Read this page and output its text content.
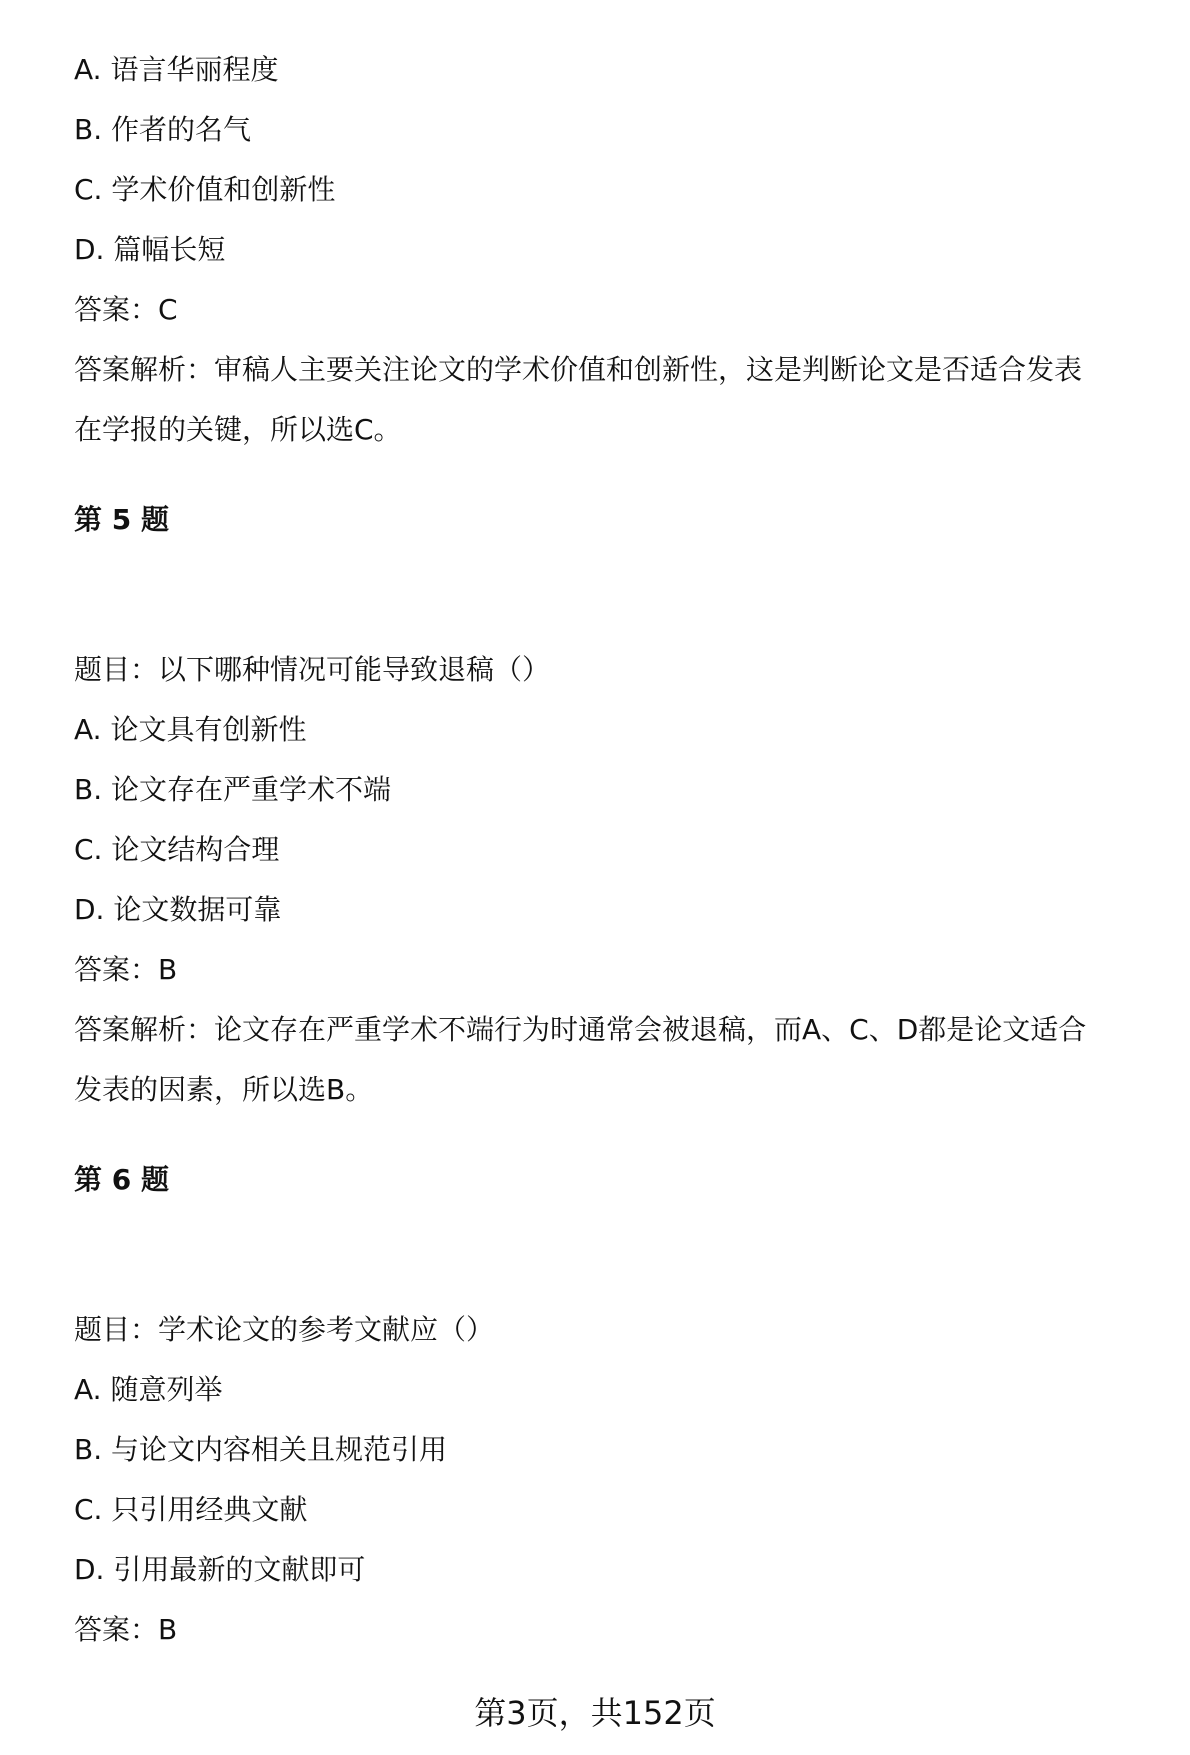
A. 语言华丽程度
B. 作者的名气
C. 学术价值和创新性
D. 篇幅长短
答案：C
答案解析：审稿人主要关注论文的学术价值和创新性，这是判断论文是否适合发表
在学报的关键，所以选C。
第 5 题
题目：以下哪种情况可能导致退稿（）
A. 论文具有创新性
B. 论文存在严重学术不端
C. 论文结构合理
D. 论文数据可靠
答案：B
答案解析：论文存在严重学术不端行为时通常会被退稿，而A、C、D都是论文适合
发表的因素，所以选B。
第 6 题
题目：学术论文的参考文献应（）
A. 随意列举
B. 与论文内容相关且规范引用
C. 只引用经典文献
D. 引用最新的文献即可
答案：B
第3页，共152页
